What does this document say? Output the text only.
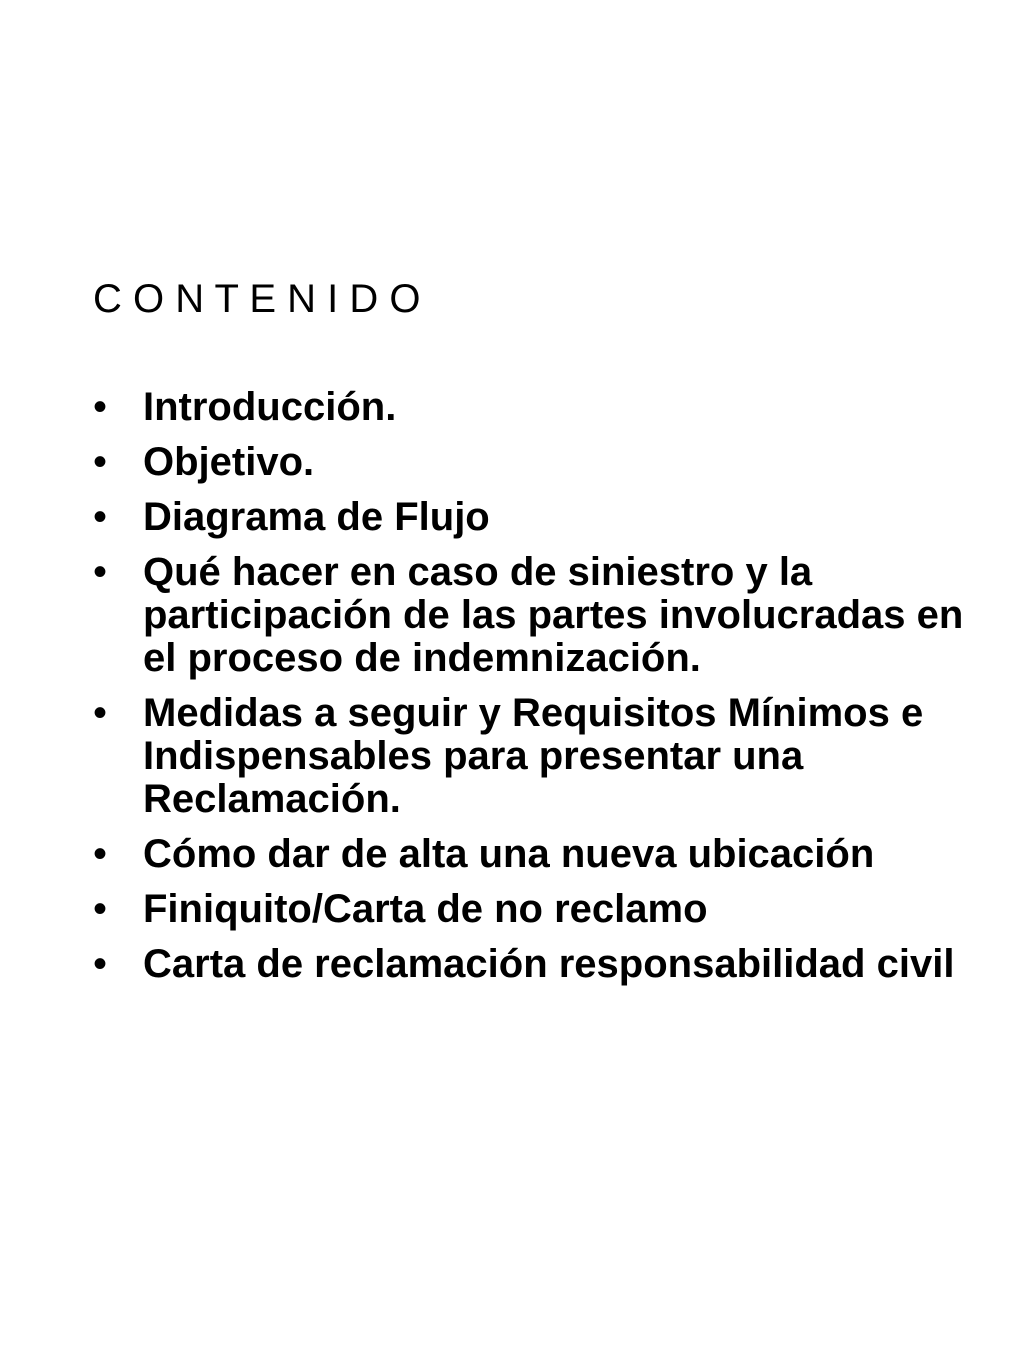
C O N T E N I D O
• Introducción.
• Objetivo.
• Diagrama de Flujo
• Qué hacer en caso de siniestro y la participación de las partes involucradas en el proceso de indemnización.
• Medidas a seguir y Requisitos Mínimos e Indispensables para presentar una Reclamación.
• Cómo dar de alta una nueva ubicación
• Finiquito/Carta de no reclamo
• Carta de reclamación responsabilidad civil
